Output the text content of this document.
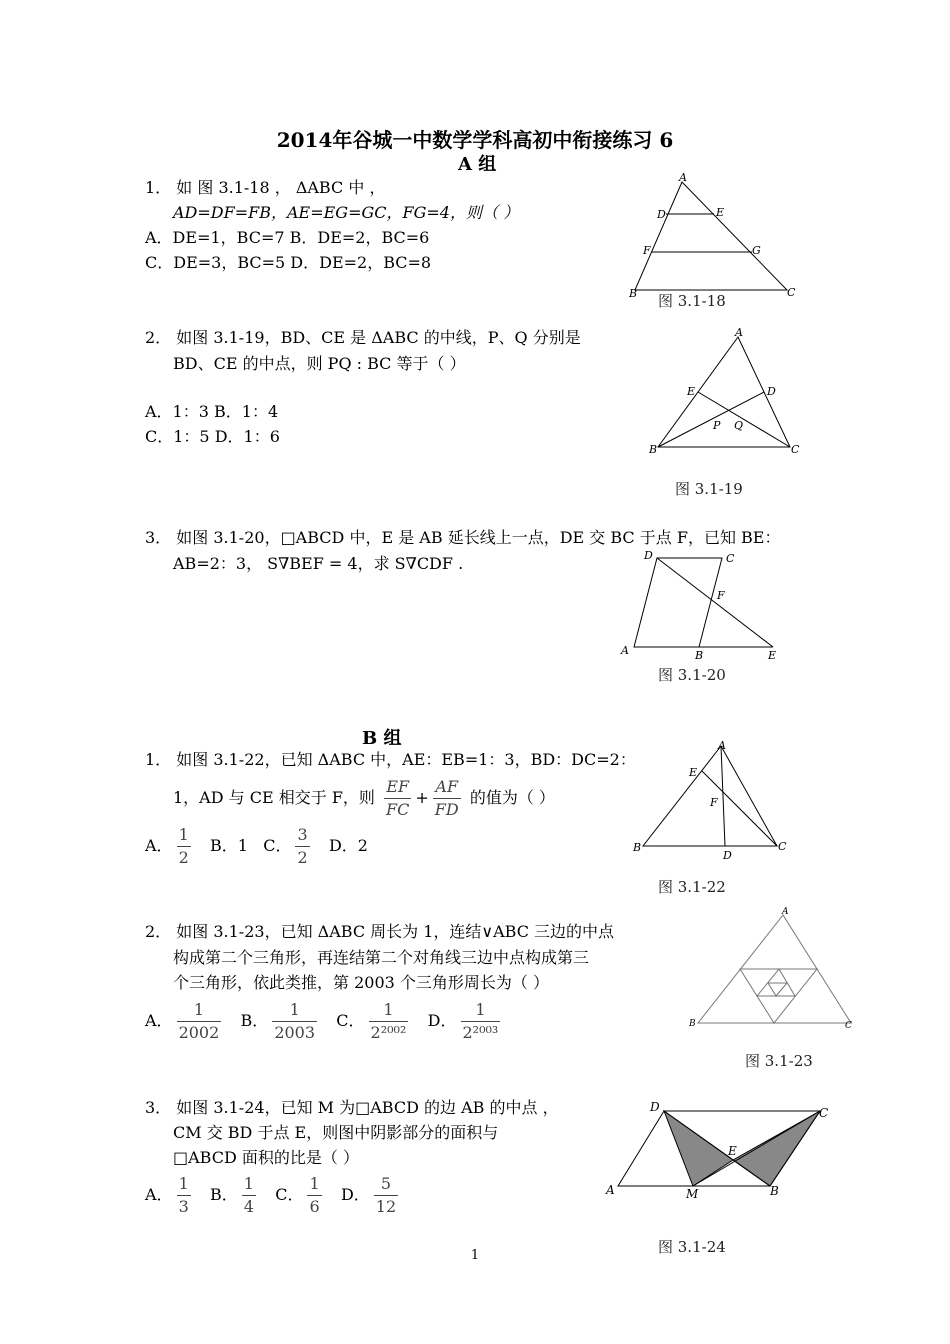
2014年谷城一中数学学科高初中衔接练习 6
A 组
1． 如 图 3.1-18 ， ΔABC 中 ，
AD=DF=FB，AE=EG=GC，FG=4，则（ ）
A．DE=1，BC=7 B．DE=2，BC=6
C．DE=3，BC=5 D．DE=2，BC=8
A
D	E
F	G
B	C
图 3.1-18
2． 如图 3.1-19，BD、CE 是 ΔABC 的中线，P、Q 分别是
BD、CE 的中点，则 PQ : BC 等于（ ）
A．1：3 B．1：4
C．1：5 D．1：6
A
E	D
P Q
B	C
图 3.1-19
3． 如图 3.1-20，□ABCD 中，E 是 AB 延长线上一点，DE 交 BC 于点 F，已知 BE：
AB=2：3， S∇BEF = 4，求 S∇CDF .	D	C
F
A	B	E
图 3.1-20
B 组
1． 如图 3.1-22，已知 ΔABC 中，AE：EB=1：3，BD：DC=2：
1，AD 与 CE 相交于 F，则 $\frac{EF}{FC} + \frac{AF}{FD}$ 的值为（ ）
A． $\frac{1}{2}$ B．1 C． $\frac{3}{2}$ D．2
A
E
F
B
D
C
图 3.1-22
2． 如图 3.1-23，已知 ΔABC 周长为 1，连结∨ABC 三边的中点
构成第二个三角形，再连结第二个对角线三边中点构成第三
个三角形，依此类推，第 2003 个三角形周长为（ ）
A． $\frac{1}{2002}$ B． $\frac{1}{2003}$ C． $\frac{1}{\text{2²⁰⁰²}}$ D． $\frac{1}{\text{2²⁰⁰³}}$
A
B	C
图 3.1-23
3． 如图 3.1-24，已知 M 为□ABCD 的边 AB 的中点 ，
CM 交 BD 于点 E，则图中阴影部分的面积与
□ABCD 面积的比是（ ）
A． $\frac{1}{3}$ B． $\frac{1}{4}$ C． $\frac{1}{6}$ D． $\frac{5}{12}$
D	C
E
A	M	B
图 3.1-24
1
